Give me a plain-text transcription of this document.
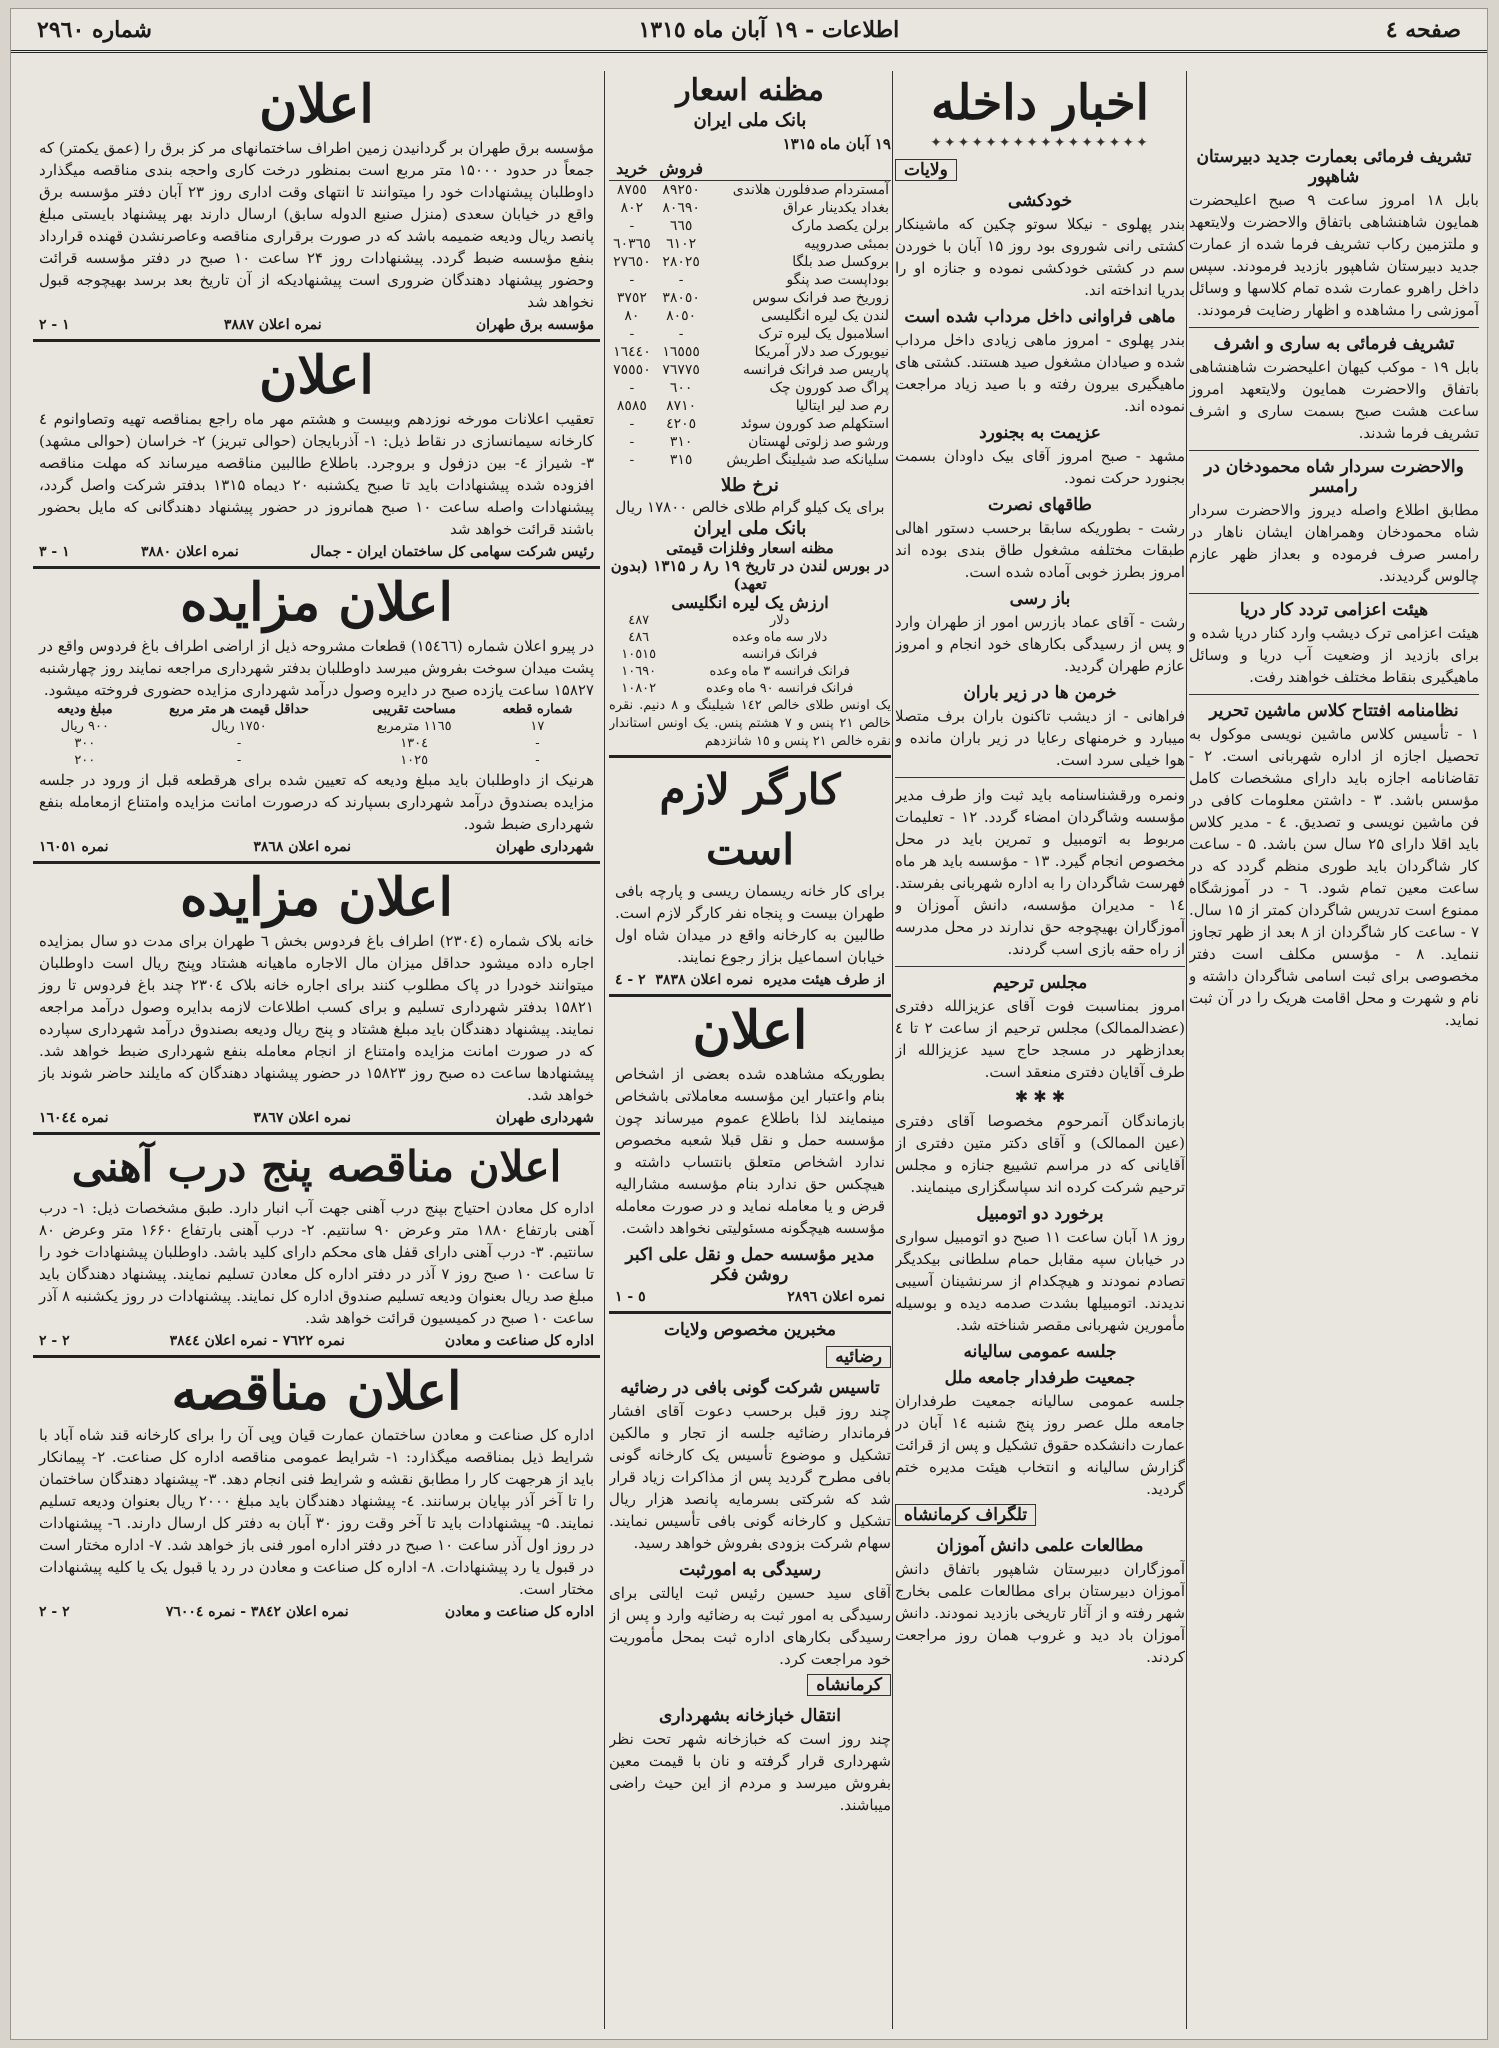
صفحه ٤
اطلاعات - ١٩ آبان ماه ١٣١٥
شماره ٢٩٦٠
تشریف فرمائی بعمارت جدید دبیرستان شاهپور

بابل ۱۸ امروز ساعت ۹ صبح اعلیحضرت همایون شاهنشاهی باتفاق والاحضرت ولایتعهد و ملتزمین رکاب تشریف فرما شده از عمارت جدید دبیرستان شاهپور بازدید فرمودند. سپس داخل راهرو عمارت شده تمام کلاسها و وسائل آموزشی را مشاهده و اظهار رضایت فرمودند.

تشریف فرمائی به ساری و اشرف

بابل ۱۹ - موکب کیهان اعلیحضرت شاهنشاهی باتفاق والاحضرت همایون ولایتعهد امروز ساعت هشت صبح بسمت ساری و اشرف تشریف فرما شدند.

والاحضرت سردار شاه محمودخان در رامسر

مطابق اطلاع واصله دیروز والاحضرت سردار شاه محمودخان وهمراهان ایشان ناهار در رامسر صرف فرموده و بعداز ظهر عازم چالوس گردیدند.

هیئت اعزامی تردد کار دریا

هیئت اعزامی ترک دیشب وارد کنار دریا شده و برای بازدید از وضعیت آب دریا و وسائل ماهیگیری بنقاط مختلف خواهند رفت.

نظامنامه افتتاح کلاس ماشین تحریر

۱ - تأسیس کلاس ماشین نویسی موکول به تحصیل اجازه از اداره شهربانی است. ۲ - تقاضانامه اجازه باید دارای مشخصات کامل مؤسس باشد. ۳ - داشتن معلومات کافی در فن ماشین نویسی و تصدیق. ٤ - مدیر کلاس باید اقلا دارای ۲۵ سال سن باشد. ۵ - ساعت کار شاگردان باید طوری منظم گردد که در ساعت معین تمام شود. ٦ - در آموزشگاه ممنوع است تدریس شاگردان کمتر از ۱۵ سال. ۷ - ساعت کار شاگردان از ۸ بعد از ظهر تجاوز ننماید. ۸ - مؤسس مکلف است دفتر مخصوصی برای ثبت اسامی شاگردان داشته و نام و شهرت و محل اقامت هریک را در آن ثبت نماید.

اخبار داخله
✦✦✦✦✦✦✦✦✦✦✦✦✦✦✦✦
ولایات
خودکشی

بندر پهلوی - نیکلا سوتو چکین که ماشینکار کشتی رانی شوروی بود روز ۱۵ آبان با خوردن سم در کشتی خودکشی نموده و جنازه او را بدریا انداخته اند.

ماهی فراوانی داخل مرداب شده است

بندر پهلوی - امروز ماهی زیادی داخل مرداب شده و صیادان مشغول صید هستند. کشتی های ماهیگیری بیرون رفته و با صید زیاد مراجعت نموده اند.

عزیمت به بجنورد

مشهد - صبح امروز آقای بیک داودان بسمت بجنورد حرکت نمود.

طاقهای نصرت

رشت - بطوریکه سابقا برحسب دستور اهالی طبقات مختلفه مشغول طاق بندی بوده اند امروز بطرز خوبی آماده شده است.

باز رسی

رشت - آقای عماد بازرس امور از طهران وارد و پس از رسیدگی بکارهای خود انجام و امروز عازم طهران گردید.

خرمن ها در زیر باران

فراهانی - از دیشب تاکنون باران برف متصلا میبارد و خرمنهای رعایا در زیر باران مانده و هوا خیلی سرد است.

ونمره ورقشناسنامه باید ثبت واز طرف مدیر مؤسسه وشاگردان امضاء گردد. ١٢ - تعلیمات مربوط به اتومبیل و تمرین باید در محل مخصوص انجام گیرد. ١٣ - مؤسسه باید هر ماه فهرست شاگردان را به اداره شهربانی بفرستد. ١٤ - مدیران مؤسسه، دانش آموزان و آموزگاران بهیچوجه حق ندارند در محل مدرسه از راه حقه بازی اسب گردند.

مجلس ترحیم

امروز بمناسبت فوت آقای عزیزالله دفتری (عضدالممالک) مجلس ترحیم از ساعت ۲ تا ٤ بعدازظهر در مسجد حاج سید عزیزالله از طرف آقایان دفتری منعقد است.

✱ ✱ ✱

بازماندگان آنمرحوم مخصوصا آقای دفتری (عین الممالک) و آقای دکتر متین دفتری از آقایانی که در مراسم تشییع جنازه و مجلس ترحیم شرکت کرده اند سپاسگزاری مینمایند.

برخورد دو اتومبیل

روز ۱۸ آبان ساعت ۱۱ صبح دو اتومبیل سواری در خیابان سپه مقابل حمام سلطانی بیکدیگر تصادم نمودند و هیچکدام از سرنشینان آسیبی ندیدند. اتومبیلها بشدت صدمه دیده و بوسیله مأمورین شهربانی مقصر شناخته شد.

جلسه عمومی سالیانه
جمعیت طرفدار جامعه ملل

جلسه عمومی سالیانه جمعیت طرفداران جامعه ملل عصر روز پنج شنبه ١٤ آبان در عمارت دانشکده حقوق تشکیل و پس از قرائت گزارش سالیانه و انتخاب هیئت مدیره ختم گردید.

تلگراف کرمانشاه
مطالعات علمی دانش آموزان

آموزگاران دبیرستان شاهپور باتفاق دانش آموزان دبیرستان برای مطالعات علمی بخارج شهر رفته و از آثار تاریخی بازدید نمودند. دانش آموزان باد دید و غروب همان روز مراجعت کردند.

مظنه اسعار
بانک ملی ایران
۱۹ آبان ماه ۱۳۱۵
	فروش	خرید
آمستردام صدفلورن هلاندی	٨٩٢٥٠	٨٧٥٥
بغداد یکدینار عراق	٨٠٦٩٠	٨٠٢
برلن یکصد مارک	٦٦٥	-
بمبئی صدروپیه	٦١٠٢	٦٠٣٦٥
بروکسل صد بلگا	٢٨٠٢٥	٢٧٦٥٠
بوداپست صد پنگو	-	-
زوریخ صد فرانک سوس	٣٨٠٥٠	٣٧٥٢
لندن یک لیره انگلیسی	٨٠٥٠	٨٠
اسلامبول یک لیره ترک	-	-
نیویورک صد دلار آمریکا	١٦٥٥٥	١٦٤٤٠
پاریس صد فرانک فرانسه	٧٦٧٧٥	٧٥٥٥٠
پراگ صد کورون چک	٦٠٠	-
رم صد لیر ایتالیا	٨٧١٠	٨٥٨٥
استکهلم صد کورون سوئد	٤٢٠٥	-
ورشو صد زلوتی لهستان	٣١٠	-
سلیانکه صد شیلینگ اطریش	٣١٥	-
نرخ طلا

برای یک کیلو گرام طلای خالص ١٧٨٠٠ ریال

بانک ملی ایران
مظنه اسعار وفلزات قیمتی
در بورس لندن در تاریخ ۱۹ ر۸ ر ۱۳۱۵ (بدون تعهد)
ارزش یک لیره انگلیسی
دلار	٤٨٧
دلار سه ماه وعده	٤٨٦
فرانک فرانسه	١٠٥١٥
فرانک فرانسه ۳ ماه وعده	١٠٦٩٠
فرانک فرانسه ۹۰ ماه وعده	١٠٨٠٢

یک اونس طلای خالص ١٤٢ شیلینگ و ٨ دنیم. نقره خالص ٢١ پنس و ٧ هشتم پنس. یک اونس استاندار نقره خالص ٢١ پنس و ١٥ شانزدهم

کارگر لازم است

برای کار خانه ریسمان ریسی و پارچه بافی طهران بیست و پنجاه نفر کارگر لازم است. طالبین به کارخانه واقع در میدان شاه اول خیابان اسماعیل بزاز رجوع نمایند.

از طرف هیئت مدیره
نمره اعلان ٣٨٣٨
٢ - ٤
اعلان

بطوریکه مشاهده شده بعضی از اشخاص بنام واعتبار این مؤسسه معاملاتی باشخاص مینمایند لذا باطلاع عموم میرساند چون مؤسسه حمل و نقل قبلا شعبه مخصوص ندارد اشخاص متعلق بانتساب داشته و هیچکس حق ندارد بنام مؤسسه مشارالیه قرض و یا معامله نماید و در صورت معامله مؤسسه هیچگونه مسئولیتی نخواهد داشت.

مدیر مؤسسه حمل و نقل علی اکبر روشن فکر
نمره اعلان ٢٨٩٦
٥ - ١
مخبرین مخصوص ولایات
رضائیه
تاسیس شرکت گونی بافی در رضائیه

چند روز قبل برحسب دعوت آقای افشار فرماندار رضائیه جلسه از تجار و مالکین تشکیل و موضوع تأسیس یک کارخانه گونی بافی مطرح گردید پس از مذاکرات زیاد قرار شد که شرکتی بسرمایه پانصد هزار ریال تشکیل و کارخانه گونی بافی تأسیس نمایند. سهام شرکت بزودی بفروش خواهد رسید.

رسیدگی به امورثبت

آقای سید حسین رئیس ثبت ایالتی برای رسیدگی به امور ثبت به رضائیه وارد و پس از رسیدگی بکارهای اداره ثبت بمحل مأموریت خود مراجعت کرد.

کرمانشاه
انتقال خبازخانه بشهرداری

چند روز است که خبازخانه شهر تحت نظر شهرداری قرار گرفته و نان با قیمت معین بفروش میرسد و مردم از این حیث راضی میباشند.

اعلان

مؤسسه برق طهران بر گردانیدن زمین اطراف ساختمانهای مر کز برق را (عمق یکمتر) که جمعاً در حدود ۱۵۰۰۰ متر مربع است بمنظور درخت کاری واحجه بندی مناقصه میگذارد داوطلبان پیشنهادات خود را میتوانند تا انتهای وقت اداری روز ۲۳ آبان دفتر مؤسسه برق واقع در خیابان سعدی (منزل صنیع الدوله سابق) ارسال دارند بهر پیشنهاد بایستی مبلغ پانصد ریال ودیعه ضمیمه باشد که در صورت برقراری مناقصه وعاصرنشدن قهنده قرارداد بنفع مؤسسه ضبط گردد. پیشنهادات روز ۲۴ ساعت ۱۰ صبح در دفتر مؤسسه قرائت وحضور پیشنهاد دهندگان ضروری است پیشنهادیکه از آن تاریخ بعد برسد بهیچوجه قبول نخواهد شد

مؤسسه برق طهران
نمره اعلان ٣٨٨٧
١ - ٢
اعلان

تعقیب اعلانات مورخه نوزدهم وبیست و هشتم مهر ماه راجع بمناقصه تهیه وتصاوانوم ٤ کارخانه سیمانسازی در نقاط ذیل: ۱- آذربایجان (حوالی تبریز) ۲- خراسان (حوالی مشهد) ۳- شیراز ٤- بین دزفول و بروجرد. باطلاع طالبین مناقصه میرساند که مهلت مناقصه افزوده شده پیشنهادات باید تا صبح یکشنبه ۲۰ دیماه ۱۳۱۵ بدفتر شرکت واصل گردد، پیشنهادات واصله ساعت ۱۰ صبح همانروز در حضور پیشنهاد دهندگانی که مایل بحضور باشند قرائت خواهد شد

رئیس شرکت سهامی کل ساختمان ایران - جمال
نمره اعلان ٣٨٨٠
١ - ٣
اعلان مزایده

در پیرو اعلان شماره (١٥٤٦٦) قطعات مشروحه ذیل از اراضی اطراف باغ فردوس واقع در پشت میدان سوخت بفروش میرسد داوطلبان بدفتر شهرداری مراجعه نمایند روز چهارشنبه ۱۵۸۲۷ ساعت یازده صبح در دایره وصول درآمد شهرداری مزایده حضوری فروخته میشود.

شماره قطعه	مساحت تقریبی	حداقل قیمت هر متر مربع	مبلغ ودیعه
١٧	١١٦٥ مترمربع	١٧٥٠ ریال	٩٠٠ ریال
-	١٣٠٤	-	٣٠٠
-	١٠٢٥	-	٢٠٠

هرنیک از داوطلبان باید مبلغ ودیعه که تعیین شده برای هرقطعه قبل از ورود در جلسه مزایده بصندوق درآمد شهرداری بسپارند که درصورت امانت مزایده وامتناع ازمعامله بنفع شهرداری ضبط شود.

شهرداری طهران
نمره اعلان ٣٨٦٨
نمره ١٦٠٥١
اعلان مزایده

خانه بلاک شماره (٢٣٠٤) اطراف باغ فردوس بخش ٦ طهران برای مدت دو سال بمزایده اجاره داده میشود حداقل میزان مال الاجاره ماهیانه هشتاد وپنج ریال است داوطلبان میتوانند خودرا در پاک مطلوب کنند برای اجاره خانه بلاک ٢٣٠٤ چند باغ فردوس تا روز ۱۵۸۲۱ بدفتر شهرداری تسلیم و برای کسب اطلاعات لازمه بدایره وصول درآمد مراجعه نمایند. پیشنهاد دهندگان باید مبلغ هشتاد و پنج ریال ودیعه بصندوق درآمد شهرداری سپارده که در صورت امانت مزایده وامتناع از انجام معامله بنفع شهرداری ضبط خواهد شد. پیشنهادها ساعت ده صبح روز ۱۵۸۲۳ در حضور پیشنهاد دهندگان که مایلند حاضر شوند باز خواهد شد.

شهرداری طهران
نمره اعلان ٣٨٦٧
نمره ١٦٠٤٤
اعلان مناقصه پنج درب آهنی

اداره کل معادن احتیاج بپنج درب آهنی جهت آب انبار دارد. طبق مشخصات ذیل: ۱- درب آهنی بارتفاع ۱۸۸۰ متر وعرض ۹۰ سانتیم. ۲- درب آهنی بارتفاع ۱۶۶۰ متر وعرض ۸۰ سانتیم. ۳- درب آهنی دارای قفل های محکم دارای کلید باشد. داوطلبان پیشنهادات خود را تا ساعت ۱۰ صبح روز ۷ آذر در دفتر اداره کل معادن تسلیم نمایند. پیشنهاد دهندگان باید مبلغ صد ریال بعنوان ودیعه تسلیم صندوق اداره کل نمایند. پیشنهادات در روز یکشنبه ۸ آذر ساعت ۱۰ صبح در کمیسیون قرائت خواهد شد.

اداره کل صناعت و معادن
نمره ٧٦٢٢ - نمره اعلان ٣٨٤٤
٢ - ٢
اعلان مناقصه

اداره کل صناعت و معادن ساختمان عمارت قیان وپی آن را برای کارخانه قند شاه آباد با شرایط ذیل بمناقصه میگذارد: ۱- شرایط عمومی مناقصه اداره کل صناعت. ۲- پیمانکار باید از هرجهت کار را مطابق نقشه و شرایط فنی انجام دهد. ۳- پیشنهاد دهندگان ساختمان را تا آخر آذر بپایان برسانند. ٤- پیشنهاد دهندگان باید مبلغ ۲۰۰۰ ریال بعنوان ودیعه تسلیم نمایند. ۵- پیشنهادات باید تا آخر وقت روز ۳۰ آبان به دفتر کل ارسال دارند. ٦- پیشنهادات در روز اول آذر ساعت ۱۰ صبح در دفتر اداره امور فنی باز خواهد شد. ۷- اداره مختار است در قبول یا رد پیشنهادات. ۸- اداره کل صناعت و معادن در رد یا قبول یک یا کلیه پیشنهادات مختار است.

اداره کل صناعت و معادن
نمره اعلان ٣٨٤٢ - نمره ٧٦٠٠٤
٢ - ٢
